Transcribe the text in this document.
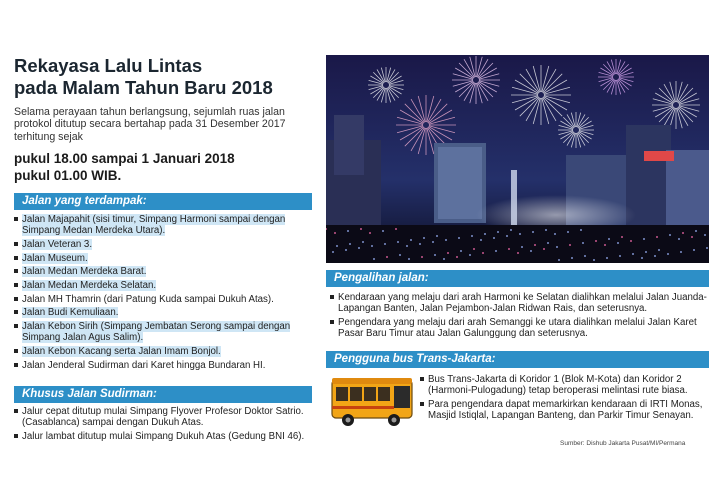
Rekayasa Lalu Lintas
pada Malam Tahun Baru 2018
Selama perayaan tahun berlangsung, sejumlah ruas jalan protokol ditutup secara bertahap pada 31 Desember 2017 terhitung sejak
pukul 18.00 sampai 1 Januari 2018
pukul 01.00 WIB.
Jalan yang terdampak:
Jalan Majapahit (sisi timur, Simpang Harmoni sampai dengan Simpang Medan Merdeka Utara).
Jalan Veteran 3.
Jalan Museum.
Jalan Medan Merdeka Barat.
Jalan Medan Merdeka Selatan.
Jalan MH Thamrin (dari Patung Kuda sampai Dukuh Atas).
Jalan Budi Kemuliaan.
Jalan Kebon Sirih (Simpang Jembatan Serong sampai dengan Simpang Jalan Agus Salim).
Jalan Kebon Kacang serta Jalan Imam Bonjol.
Jalan Jenderal Sudirman dari Karet hingga Bundaran HI.
Khusus Jalan Sudirman:
Jalur cepat ditutup mulai Simpang Flyover Profesor Doktor Satrio. (Casablanca) sampai dengan Dukuh Atas.
Jalur lambat ditutup mulai Simpang Dukuh Atas (Gedung BNI 46).
Pengalihan jalan:
Kendaraan yang melaju dari arah Harmoni ke Selatan dialihkan melalui Jalan Juanda-Lapangan Banten, Jalan Pejambon-Jalan Ridwan Rais, dan seterusnya.
Pengendara yang melaju dari arah Semanggi ke utara dialihkan melalui Jalan Karet Pasar Baru Timur atau Jalan Galunggung dan seterusnya.
Pengguna bus Trans-Jakarta:
Bus Trans-Jakarta di Koridor 1 (Blok M-Kota) dan Koridor 2 (Harmoni-Pulogadung) tetap beroperasi melintasi rute biasa.
Para pengendara dapat memarkirkan kendaraan di IRTI Monas, Masjid Istiqlal, Lapangan Banteng, dan Parkir Timur Senayan.
Sumber: Dishub Jakarta Pusat/MI/Permana
